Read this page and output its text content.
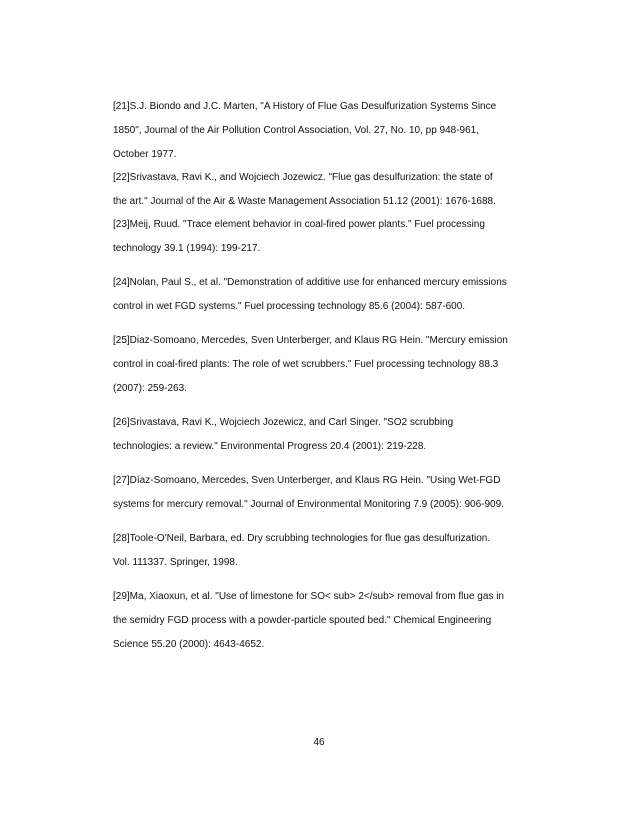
[21]S.J. Biondo and J.C. Marten, "A History of Flue Gas Desulfurization Systems Since
1850", Journal of the Air Pollution Control Association, Vol. 27, No. 10, pp 948-961,
October 1977.
[22]Srivastava, Ravi K., and Wojciech Jozewicz. "Flue gas desulfurization: the state of
the art." Journal of the Air & Waste Management Association 51.12 (2001): 1676-1688.
[23]Meij, Ruud. "Trace element behavior in coal-fired power plants." Fuel processing
technology 39.1 (1994): 199-217.
[24]Nolan, Paul S., et al. "Demonstration of additive use for enhanced mercury emissions
control in wet FGD systems." Fuel processing technology 85.6 (2004): 587-600.
[25]Diaz-Somoano, Mercedes, Sven Unterberger, and Klaus RG Hein. "Mercury emission
control in coal-fired plants: The role of wet scrubbers." Fuel processing technology 88.3
(2007): 259-263.
[26]Srivastava, Ravi K., Wojciech Jozewicz, and Carl Singer. "SO2 scrubbing
technologies: a review." Environmental Progress 20.4 (2001): 219-228.
[27]Díaz-Somoano, Mercedes, Sven Unterberger, and Klaus RG Hein. "Using Wet-FGD
systems for mercury removal." Journal of Environmental Monitoring 7.9 (2005): 906-909.
[28]Toole-O'Neil, Barbara, ed. Dry scrubbing technologies for flue gas desulfurization.
Vol. 111337. Springer, 1998.
[29]Ma, Xiaoxun, et al. "Use of limestone for SO< sub> 2</sub> removal from flue gas in
the semidry FGD process with a powder-particle spouted bed." Chemical Engineering
Science 55.20 (2000): 4643-4652.
46
